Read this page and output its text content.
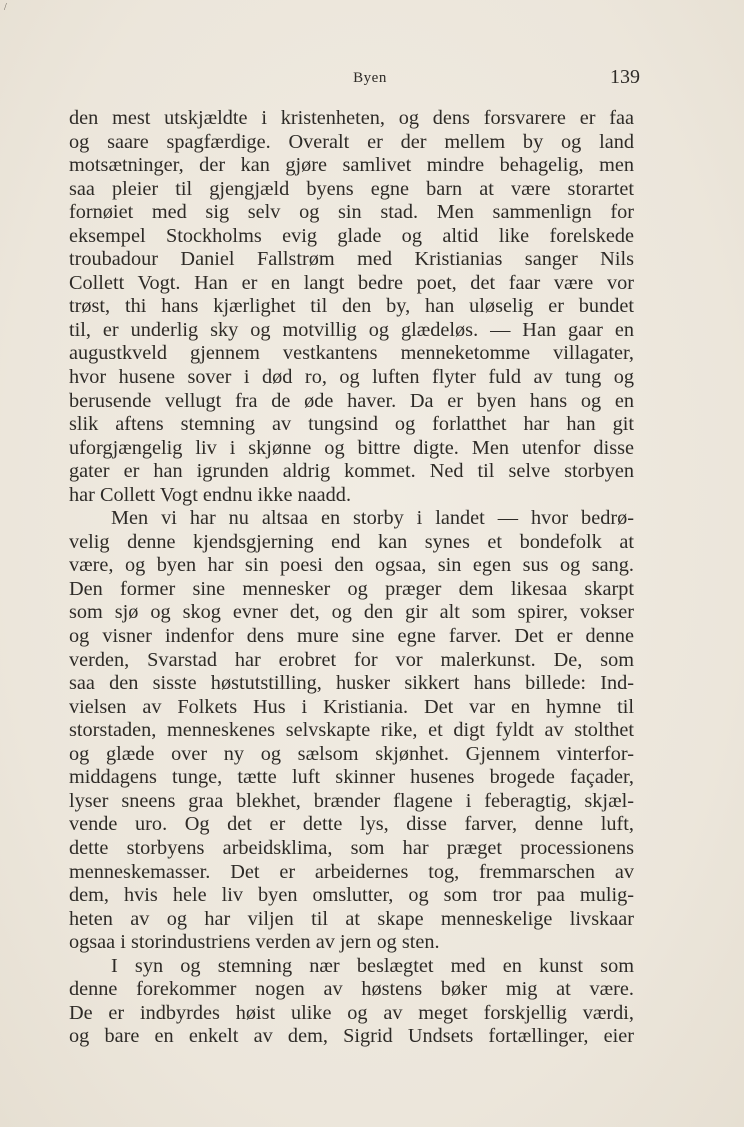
/
Byen	139
den mest utskjældte i kristenheten, og dens forsvarere er faa
og saare spagfærdige. Overalt er der mellem by og land
motsætninger, der kan gjøre samlivet mindre behagelig, men
saa pleier til gjengjæld byens egne barn at være storartet
fornøiet med sig selv og sin stad. Men sammenlign for
eksempel Stockholms evig glade og altid like forelskede
troubadour Daniel Fallstrøm med Kristianias sanger Nils
Collett Vogt. Han er en langt bedre poet, det faar være vor
trøst, thi hans kjærlighet til den by, han uløselig er bundet
til, er underlig sky og motvillig og glædeløs. — Han gaar en
augustkveld gjennem vestkantens menneketomme villagater,
hvor husene sover i død ro, og luften flyter fuld av tung og
berusende vellugt fra de øde haver. Da er byen hans og en
slik aftens stemning av tungsind og forlatthet har han git
uforgjængelig liv i skjønne og bittre digte. Men utenfor disse
gater er han igrunden aldrig kommet. Ned til selve storbyen
har Collett Vogt endnu ikke naadd.
Men vi har nu altsaa en storby i landet — hvor bedrø-
velig denne kjendsgjerning end kan synes et bondefolk at
være, og byen har sin poesi den ogsaa, sin egen sus og sang.
Den former sine mennesker og præger dem likesaa skarpt
som sjø og skog evner det, og den gir alt som spirer, vokser
og visner indenfor dens mure sine egne farver. Det er denne
verden, Svarstad har erobret for vor malerkunst. De, som
saa den sisste høstutstilling, husker sikkert hans billede: Ind-
vielsen av Folkets Hus i Kristiania. Det var en hymne til
storstaden, menneskenes selvskapte rike, et digt fyldt av stolthet
og glæde over ny og sælsom skjønhet. Gjennem vinterfor-
middagens tunge, tætte luft skinner husenes brogede façader,
lyser sneens graa blekhet, brænder flagene i feberagtig, skjæl-
vende uro. Og det er dette lys, disse farver, denne luft,
dette storbyens arbeidsklima, som har præget processionens
menneskemasser. Det er arbeidernes tog, fremmarschen av
dem, hvis hele liv byen omslutter, og som tror paa mulig-
heten av og har viljen til at skape menneskelige livskaar
ogsaa i storindustriens verden av jern og sten.
I syn og stemning nær beslægtet med en kunst som
denne forekommer nogen av høstens bøker mig at være.
De er indbyrdes høist ulike og av meget forskjellig værdi,
og bare en enkelt av dem, Sigrid Undsets fortællinger, eier
